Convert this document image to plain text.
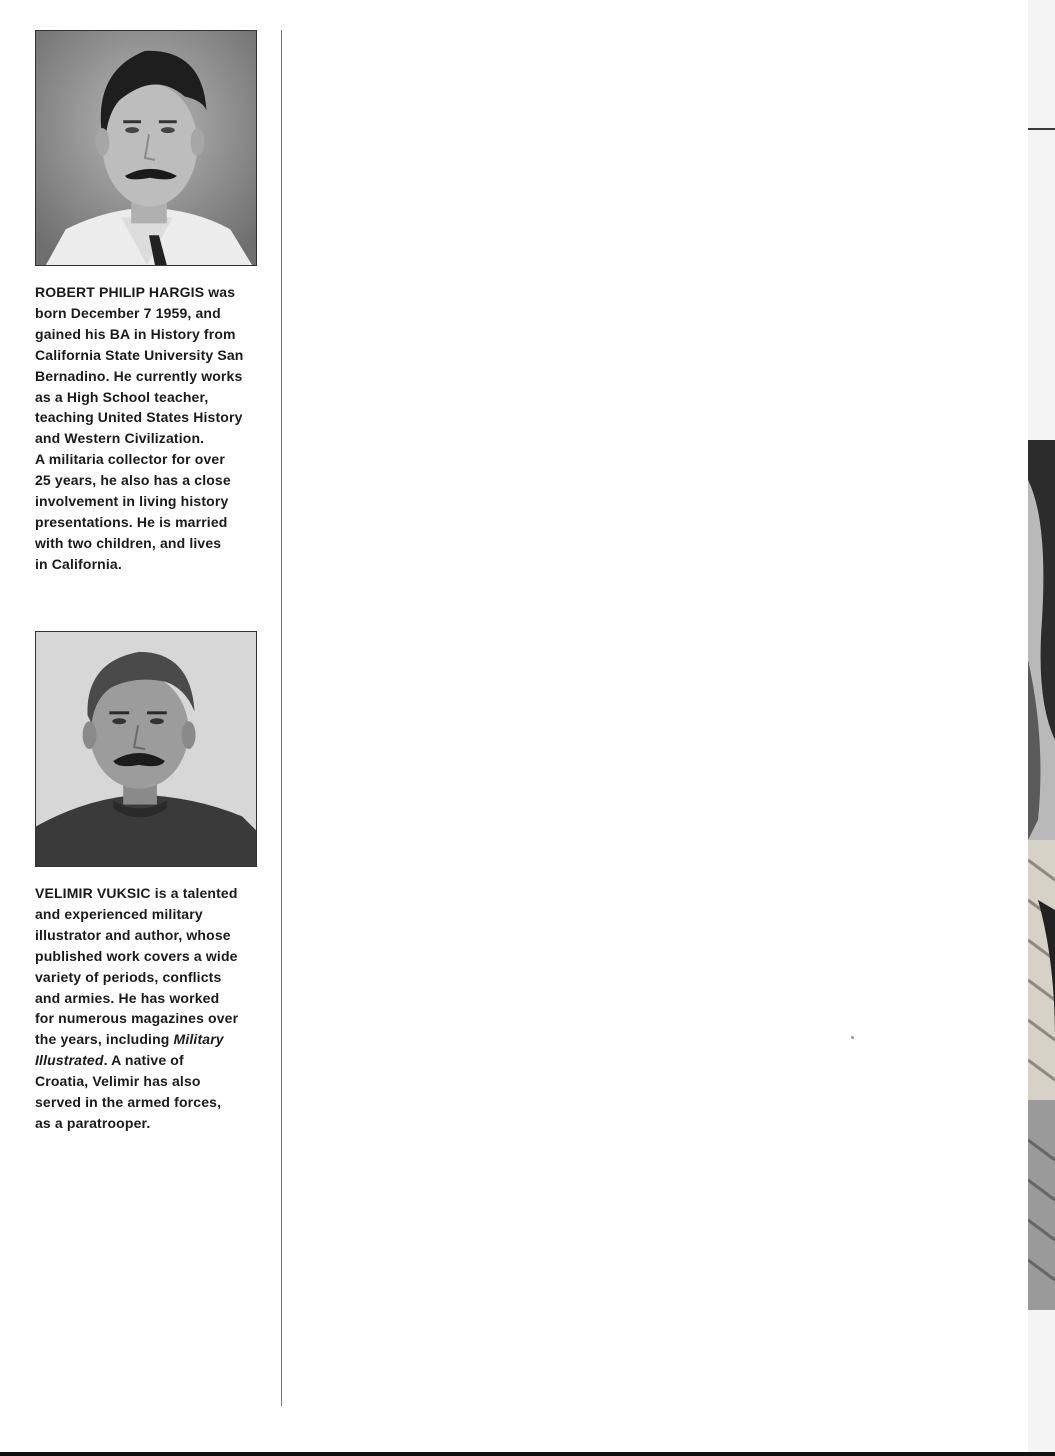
ROBERT PHILIP HARGIS was
born December 7 1959, and
gained his BA in History from
California State University San
Bernadino. He currently works
as a High School teacher,
teaching United States History
and Western Civilization.
A militaria collector for over
25 years, he also has a close
involvement in living history
presentations. He is married
with two children, and lives
in California.
VELIMIR VUKSIC is a talented
and experienced military
illustrator and author, whose
published work covers a wide
variety of periods, conflicts
and armies. He has worked
for numerous magazines over
the years, including Military
Illustrated. A native of
Croatia, Velimir has also
served in the armed forces,
as a paratrooper.
